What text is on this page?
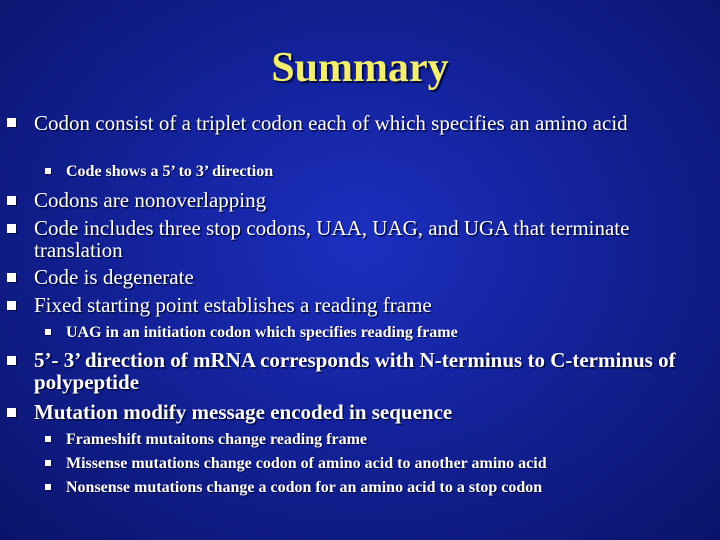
Summary
Codon consist of a triplet codon each of which specifies an amino acid
Code shows a 5’ to 3’ direction
Codons are nonoverlapping
Code includes three stop codons, UAA, UAG, and UGA that terminate translation
Code is degenerate
Fixed starting point establishes a reading frame
UAG in an initiation codon which specifies reading frame
5’- 3’ direction of mRNA corresponds with N-terminus to C-terminus of polypeptide
Mutation modify message encoded in sequence
Frameshift mutaitons change reading frame
Missense mutations change codon of amino acid to another amino acid
Nonsense mutations change a codon for an amino acid to a stop codon
